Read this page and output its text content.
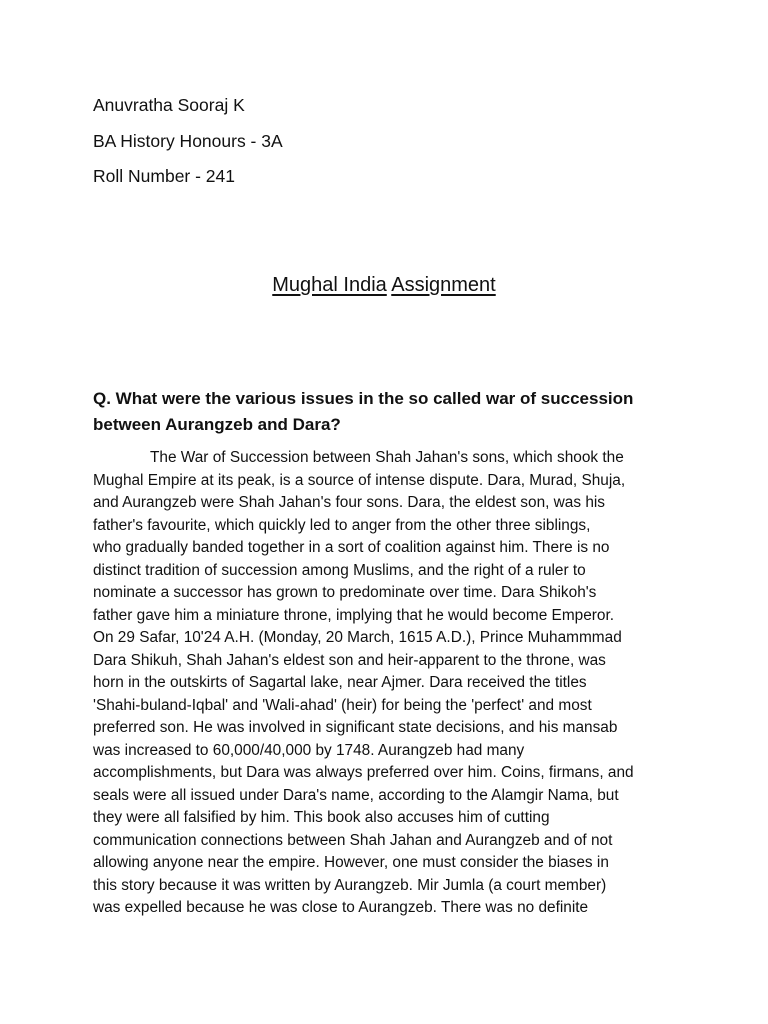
Anuvratha Sooraj K

BA History Honours - 3A

Roll Number - 241

Mughal India Assignment
Q. What were the various issues in the so called war of succession
between Aurangzeb and Dara?
The War of Succession between Shah Jahan's sons, which shook the
Mughal Empire at its peak, is a source of intense dispute. Dara, Murad, Shuja,
and Aurangzeb were Shah Jahan's four sons. Dara, the eldest son, was his
father's favourite, which quickly led to anger from the other three siblings,
who gradually banded together in a sort of coalition against him. There is no
distinct tradition of succession among Muslims, and the right of a ruler to
nominate a successor has grown to predominate over time. Dara Shikoh's
father gave him a miniature throne, implying that he would become Emperor.
On 29 Safar, 10'24 A.H. (Monday, 20 March, 1615 A.D.), Prince Muhammmad
Dara Shikuh, Shah Jahan's eldest son and heir-apparent to the throne, was
horn in the outskirts of Sagartal lake, near Ajmer. Dara received the titles
'Shahi-buland-Iqbal' and 'Wali-ahad' (heir) for being the 'perfect' and most
preferred son. He was involved in significant state decisions, and his mansab
was increased to 60,000/40,000 by 1748. Aurangzeb had many
accomplishments, but Dara was always preferred over him. Coins, firmans, and
seals were all issued under Dara's name, according to the Alamgir Nama, but
they were all falsified by him. This book also accuses him of cutting
communication connections between Shah Jahan and Aurangzeb and of not
allowing anyone near the empire. However, one must consider the biases in
this story because it was written by Aurangzeb. Mir Jumla (a court member)
was expelled because he was close to Aurangzeb. There was no definite
